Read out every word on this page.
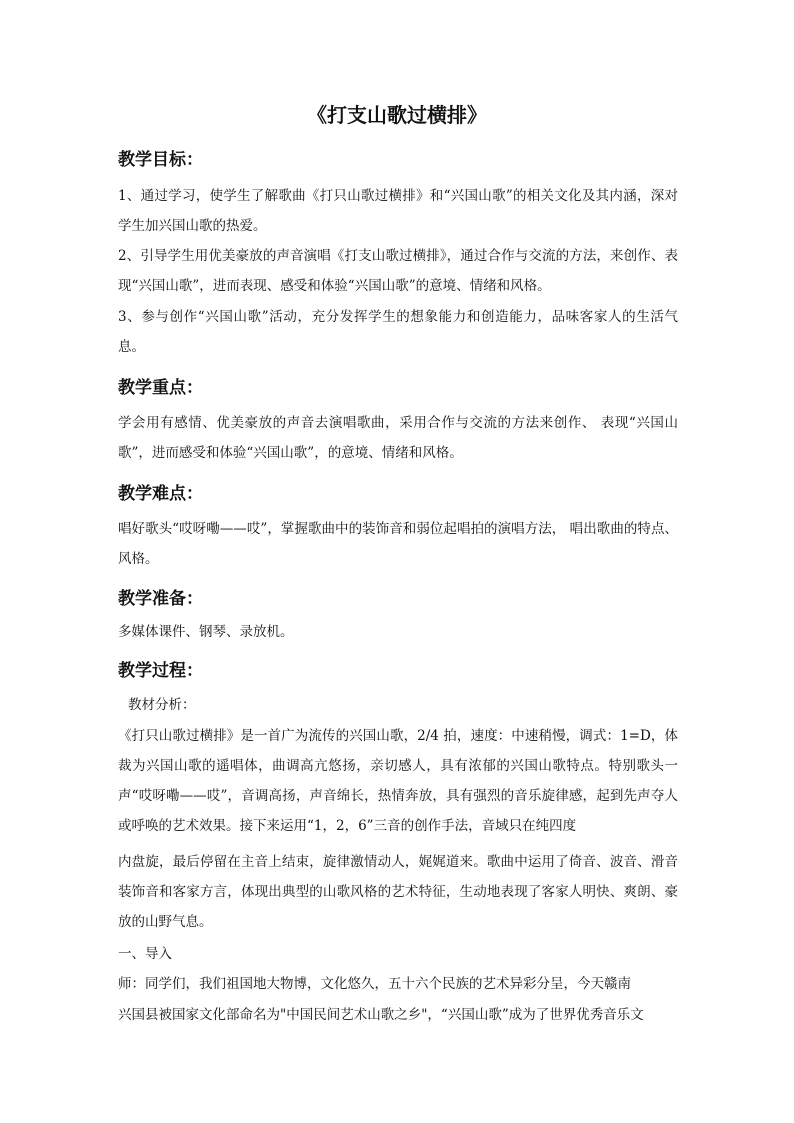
《打支山歌过横排》
教学目标：

1、通过学习，使学生了解歌曲《打只山歌过横排》和“兴国山歌”的相关文化及其内涵，深对学生加兴国山歌的热爱。

2、引导学生用优美豪放的声音演唱《打支山歌过横排》，通过合作与交流的方法，来创作、表现“兴国山歌”，进而表现、感受和体验“兴国山歌”的意境、情绪和风格。

3、参与创作“兴国山歌”活动，充分发挥学生的想象能力和创造能力，品味客家人的生活气息。

教学重点：

学会用有感情、优美豪放的声音去演唱歌曲，采用合作与交流的方法来创作、 表现“兴国山歌”，进而感受和体验“兴国山歌”，的意境、情绪和风格。

教学难点：

唱好歌头“哎呀嘞——哎”，掌握歌曲中的装饰音和弱位起唱拍的演唱方法， 唱出歌曲的特点、风格。

教学准备：
多媒体课件、钢琴、录放机。
教学过程：
教材分析：

《打只山歌过横排》是一首广为流传的兴国山歌，2/4 拍，速度：中速稍慢，调式：1=D，体裁为兴国山歌的遥唱体，曲调高亢悠扬，亲切感人，具有浓郁的兴国山歌特点。特别歌头一声“哎呀嘞——哎”，音调高扬，声音绵长，热情奔放，具有强烈的音乐旋律感，起到先声夺人或呼唤的艺术效果。接下来运用“1，2，6”三音的创作手法，音域只在纯四度

内盘旋，最后停留在主音上结束，旋律激情动人，娓娓道来。歌曲中运用了倚音、波音、滑音装饰音和客家方言，体现出典型的山歌风格的艺术特征，生动地表现了客家人明快、爽朗、豪放的山野气息。

一、导入
师：同学们，我们祖国地大物博，文化悠久，五十六个民族的艺术异彩分呈，今天赣南
兴国县被国家文化部命名为"中国民间艺术山歌之乡"，“兴国山歌”成为了世界优秀音乐文
